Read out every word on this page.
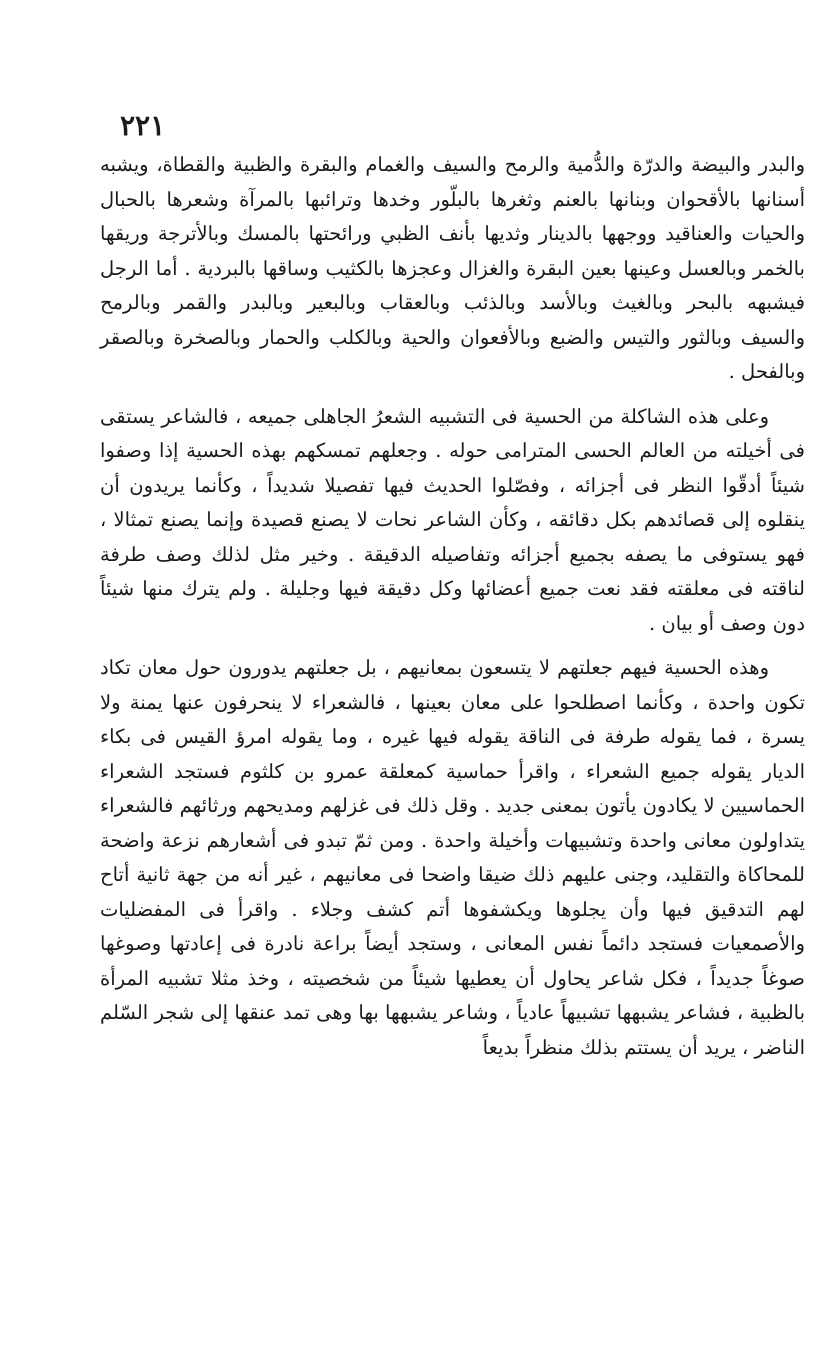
٢٢١

والبدر والبيضة والدرّة والدُّمية والرمح والسيف والغمام والبقرة والظبية والقطاة، ويشبه أسنانها بالأقحوان وبنانها بالعنم وثغرها بالبلّور وخدها وترائبها بالمرآة وشعرها بالحبال والحيات والعناقيد ووجهها بالدينار وثديها بأنف الظبي ورائحتها بالمسك وبالأترجة وريقها بالخمر وبالعسل وعينها بعين البقرة والغزال وعجزها بالكثيب وساقها بالبردية . أما الرجل فيشبهه بالبحر وبالغيث وبالأسد وبالذئب وبالعقاب وبالبعير وبالبدر والقمر وبالرمح والسيف وبالثور والتيس والضبع وبالأفعوان والحية وبالكلب والحمار وبالصخرة وبالصقر وبالفحل .

وعلى هذه الشاكلة من الحسية فى التشبيه الشعرُ الجاهلى جميعه ، فالشاعر يستقى فى أخيلته من العالم الحسى المترامى حوله . وجعلهم تمسكهم بهذه الحسية إذا وصفوا شيئاً أدقّوا النظر فى أجزائه ، وفصّلوا الحديث فيها تفصيلا شديداً ، وكأنما يريدون أن ينقلوه إلى قصائدهم بكل دقائقه ، وكأن الشاعر نحات لا يصنع قصيدة وإنما يصنع تمثالا ، فهو يستوفى ما يصفه بجميع أجزائه وتفاصيله الدقيقة . وخير مثل لذلك وصف طرفة لناقته فى معلقته فقد نعت جميع أعضائها وكل دقيقة فيها وجليلة . ولم يترك منها شيئاً دون وصف أو بيان .

وهذه الحسية فيهم جعلتهم لا يتسعون بمعانيهم ، بل جعلتهم يدورون حول معان تكاد تكون واحدة ، وكأنما اصطلحوا على معان بعينها ، فالشعراء لا ينحرفون عنها يمنة ولا يسرة ، فما يقوله طرفة فى الناقة يقوله فيها غيره ، وما يقوله امرؤ القيس فى بكاء الديار يقوله جميع الشعراء ، واقرأ حماسية كمعلقة عمرو بن كلثوم فستجد الشعراء الحماسيين لا يكادون يأتون بمعنى جديد . وقل ذلك فى غزلهم ومديحهم ورثائهم فالشعراء يتداولون معانى واحدة وتشبيهات وأخيلة واحدة . ومن ثمّ تبدو فى أشعارهم نزعة واضحة للمحاكاة والتقليد، وجنى عليهم ذلك ضيقا واضحا فى معانيهم ، غير أنه من جهة ثانية أتاح لهم التدقيق فيها وأن يجلوها ويكشفوها أتم كشف وجلاء . واقرأ فى المفضليات والأصمعيات فستجد دائماً نفس المعانى ، وستجد أيضاً براعة نادرة فى إعادتها وصوغها صوغاً جديداً ، فكل شاعر يحاول أن يعطيها شيئاً من شخصيته ، وخذ مثلا تشبيه المرأة بالظبية ، فشاعر يشبهها تشبيهاً عادياً ، وشاعر يشبهها بها وهى تمد عنقها إلى شجر السّلم الناضر ، يريد أن يستتم بذلك منظراً بديعاً
